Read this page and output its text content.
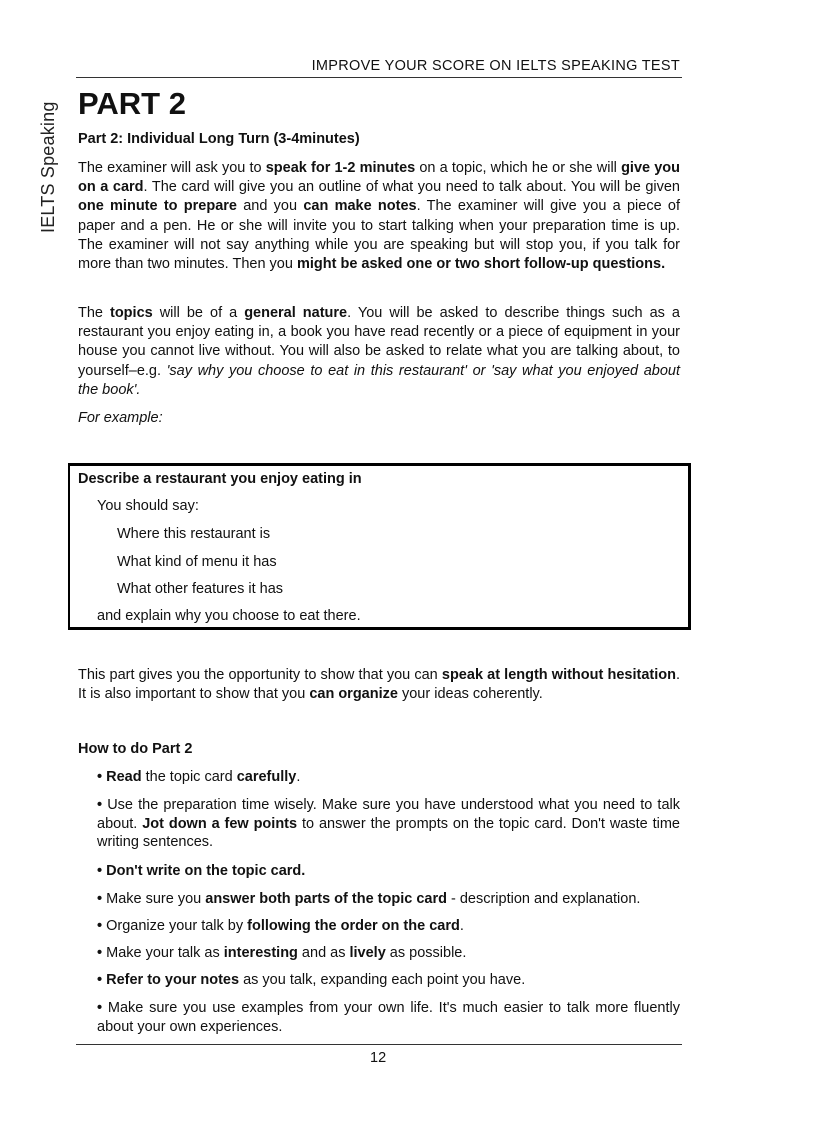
IELTS Speaking
IMPROVE YOUR SCORE ON IELTS SPEAKING TEST
PART 2
Part 2: Individual Long Turn (3-4minutes)

The examiner will ask you to speak for 1-2 minutes on a topic, which he or she will give you on a card. The card will give you an outline of what you need to talk about. You will be given one minute to prepare and you can make notes. The examiner will give you a piece of paper and a pen. He or she will invite you to start talking when your preparation time is up. The examiner will not say anything while you are speaking but will stop you, if you talk for more than two minutes. Then you might be asked one or two short follow-up questions.

The topics will be of a general nature. You will be asked to describe things such as a restaurant you enjoy eating in, a book you have read recently or a piece of equipment in your house you cannot live without. You will also be asked to relate what you are talking about, to yourself–e.g. 'say why you choose to eat in this restaurant' or 'say what you enjoyed about the book'.

For example:

Describe a restaurant you enjoy eating in
You should say:
Where this restaurant is
What kind of menu it has
What other features it has
and explain why you choose to eat there.

This part gives you the opportunity to show that you can speak at length without hesitation. It is also important to show that you can organize your ideas coherently.

How to do Part 2

• Read the topic card carefully.

• Use the preparation time wisely. Make sure you have understood what you need to talk about. Jot down a few points to answer the prompts on the topic card. Don't waste time writing sentences.

• Don't write on the topic card.

• Make sure you answer both parts of the topic card - description and explanation.

• Organize your talk by following the order on the card.

• Make your talk as interesting and as lively as possible.

• Refer to your notes as you talk, expanding each point you have.

• Make sure you use examples from your own life. It's much easier to talk more fluently about your own experiences.

12
